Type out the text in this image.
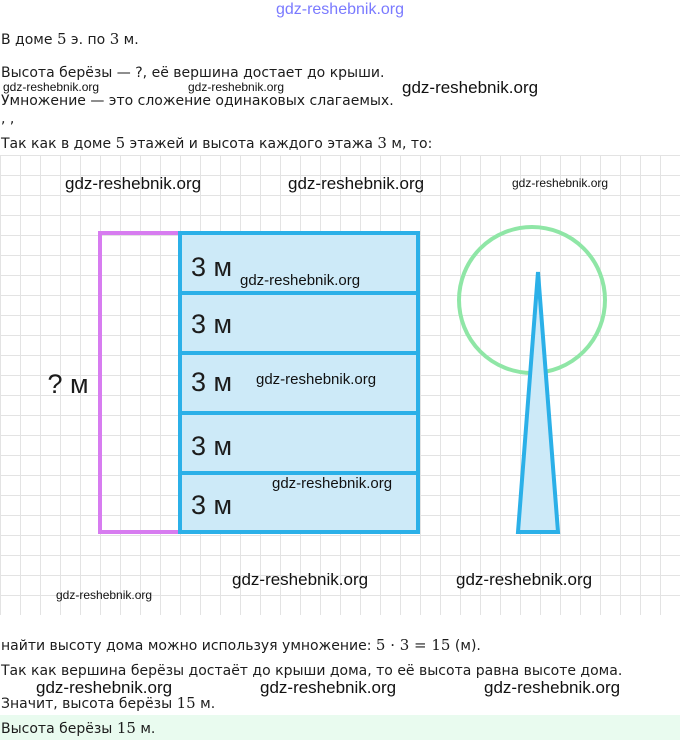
gdz-reshebnik.org
В доме 5 э. по 3 м.
Высота берёзы — ?, её вершина достает до крыши.
gdz-reshebnik.org	gdz-reshebnik.org
Умножение — это сложение одинаковых слагаемых.
gdz-reshebnik.org
, ,
Так как в доме 5 этажей и высота каждого этажа 3 м, то:
? м
3 м
3 м
3 м
3 м
3 м
gdz-reshebnik.org	gdz-reshebnik.org	gdz-reshebnik.org
gdz-reshebnik.org
gdz-reshebnik.org
gdz-reshebnik.org
gdz-reshebnik.org	gdz-reshebnik.org
gdz-reshebnik.org
найти высоту дома можно используя умножение: 5 · 3 = 15 (м).
Так как вершина берёзы достаёт до крыши дома, то её высота равна высоте дома.
gdz-reshebnik.org	gdz-reshebnik.org	gdz-reshebnik.org
Значит, высота берёзы 15 м.
Высота берёзы 15 м.
